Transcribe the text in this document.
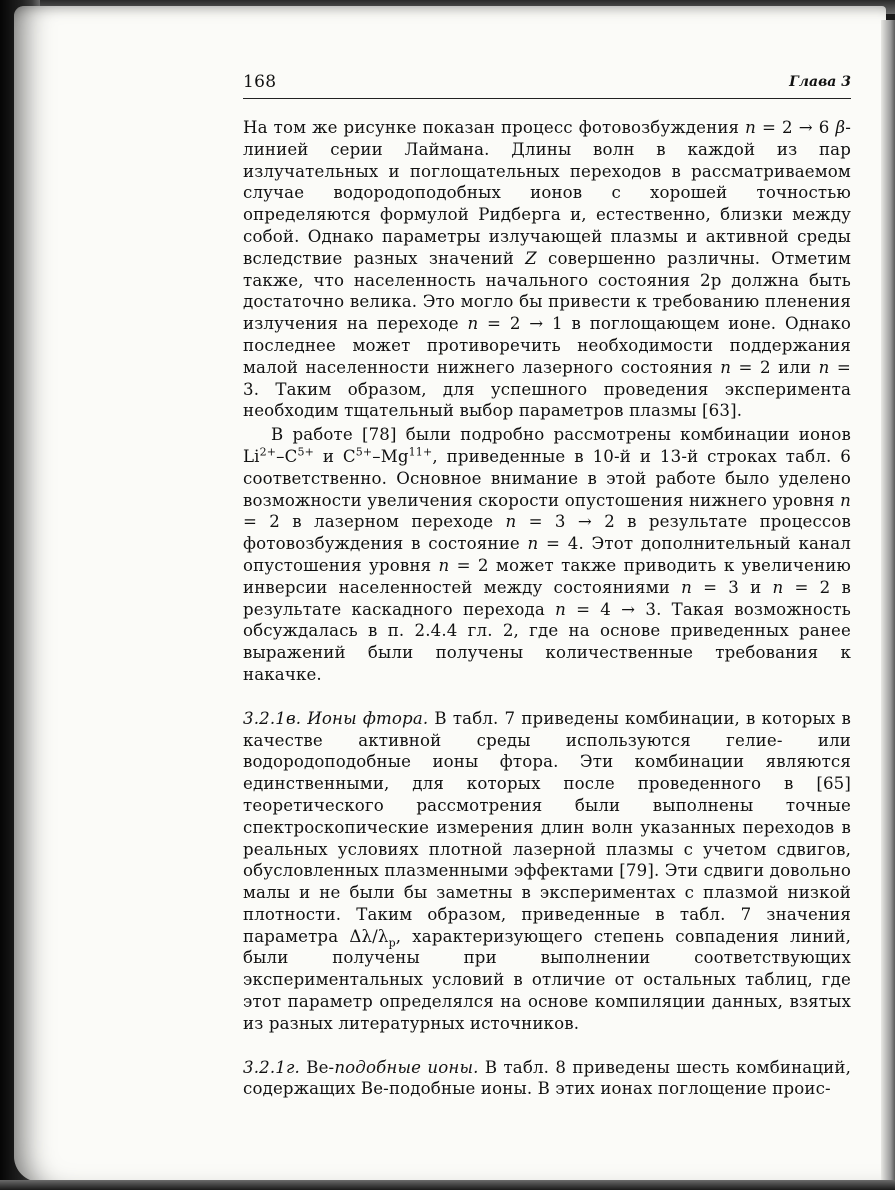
168	Глава 3

На том же рисунке показан процесс фотовозбуждения n = 2 → 6 β-линией серии Лаймана. Длины волн в каждой из пар излучательных и поглощательных переходов в рассматриваемом случае водородоподобных ионов с хорошей точностью определяются формулой Ридберга и, естественно, близки между собой. Однако параметры излучающей плазмы и активной среды вследствие разных значений Z совершенно различны. Отметим также, что населенность начального состояния 2p должна быть достаточно велика. Это могло бы привести к требованию пленения излучения на переходе n = 2 → 1 в поглощающем ионе. Однако последнее может противоречить необходимости поддержания малой населенности нижнего лазерного состояния n = 2 или n = 3. Таким образом, для успешного проведения эксперимента необходим тщательный выбор параметров плазмы [63].

В работе [78] были подробно рассмотрены комбинации ионов $Li^{2+}-C^{5+}$ и $C^{5+}-Mg^{11+}$, приведенные в 10-й и 13-й строках табл. 6 соответственно. Основное внимание в этой работе было уделено возможности увеличения скорости опустошения нижнего уровня n = 2 в лазерном переходе n = 3 → 2 в результате процессов фотовозбуждения в состояние n = 4. Этот дополнительный канал опустошения уровня n = 2 может также приводить к увеличению инверсии населенностей между состояниями n = 3 и n = 2 в результате каскадного перехода n = 4 → 3. Такая возможность обсуждалась в п. 2.4.4 гл. 2, где на основе приведенных ранее выражений были получены количественные требования к накачке.

3.2.1в. Ионы фтора. В табл. 7 приведены комбинации, в которых в качестве активной среды используются гелие- или водородоподобные ионы фтора. Эти комбинации являются единственными, для которых после проведенного в [65] теоретического рассмотрения были выполнены точные спектроскопические измерения длин волн указанных переходов в реальных условиях плотной лазерной плазмы с учетом сдвигов, обусловленных плазменными эффектами [79]. Эти сдвиги довольно малы и не были бы заметны в экспериментах с плазмой низкой плотности. Таким образом, приведенные в табл. 7 значения параметра $\Delta\lambda/\lambda_p$, характеризующего степень совпадения линий, были получены при выполнении соответствующих экспериментальных условий в отличие от остальных таблиц, где этот параметр определялся на основе компиляции данных, взятых из разных литературных источников.

3.2.1г. Be-подобные ионы. В табл. 8 приведены шесть комбинаций, содержащих Be-подобные ионы. В этих ионах поглощение проис-
